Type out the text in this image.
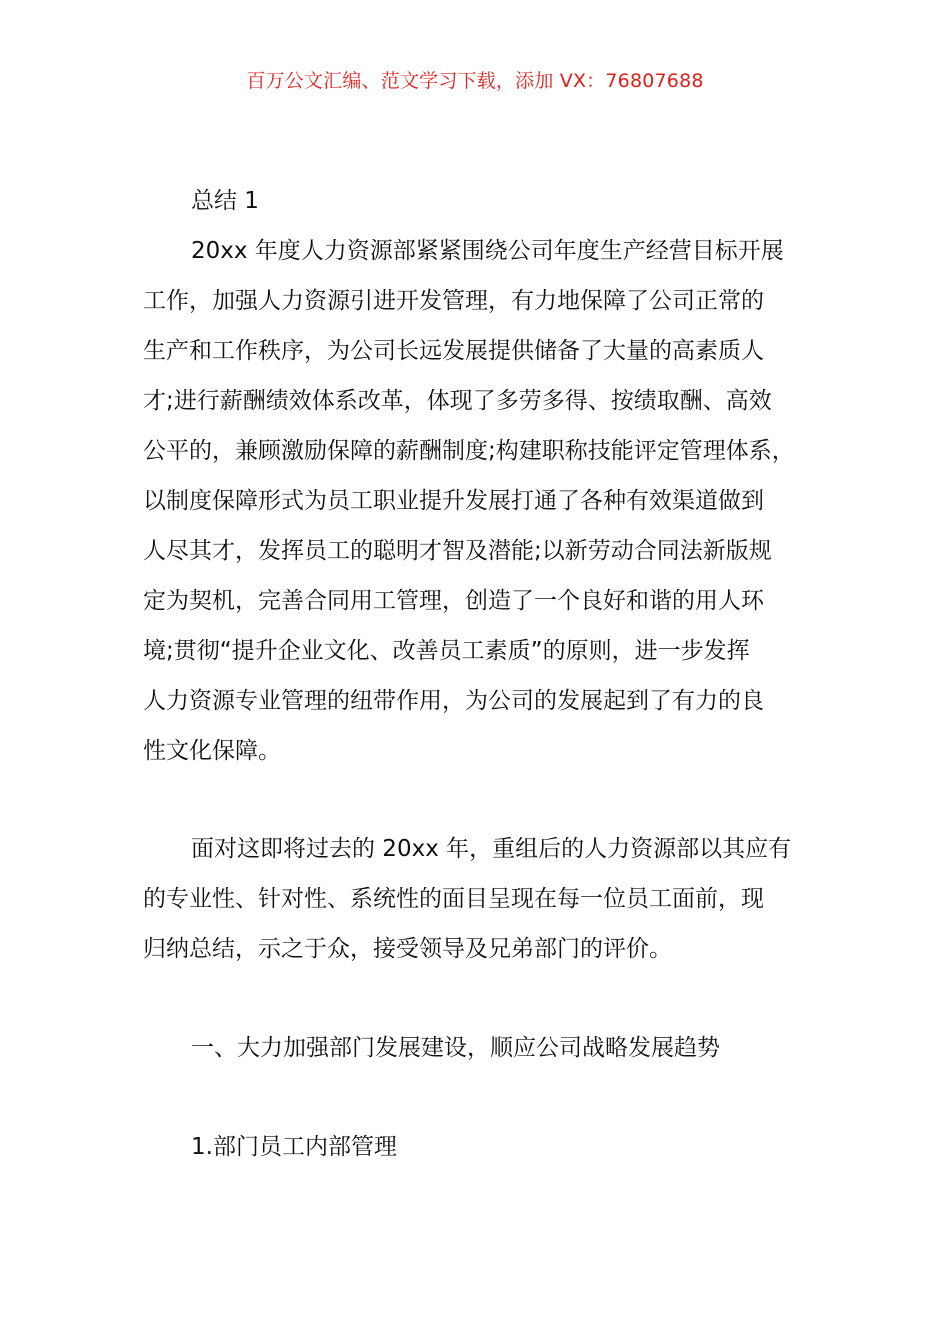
百万公文汇编、范文学习下载，添加 VX：76807688
总结 1
20xx 年度人力资源部紧紧围绕公司年度生产经营目标开展
工作，加强人力资源引进开发管理，有力地保障了公司正常的
生产和工作秩序，为公司长远发展提供储备了大量的高素质人
才;进行薪酬绩效体系改革，体现了多劳多得、按绩取酬、高效
公平的，兼顾激励保障的薪酬制度;构建职称技能评定管理体系，
以制度保障形式为员工职业提升发展打通了各种有效渠道做到
人尽其才，发挥员工的聪明才智及潜能;以新劳动合同法新版规
定为契机，完善合同用工管理，创造了一个良好和谐的用人环
境;贯彻“提升企业文化、改善员工素质”的原则，进一步发挥
人力资源专业管理的纽带作用，为公司的发展起到了有力的良
性文化保障。
面对这即将过去的 20xx 年，重组后的人力资源部以其应有
的专业性、针对性、系统性的面目呈现在每一位员工面前，现
归纳总结，示之于众，接受领导及兄弟部门的评价。
一、大力加强部门发展建设，顺应公司战略发展趋势
1.部门员工内部管理
